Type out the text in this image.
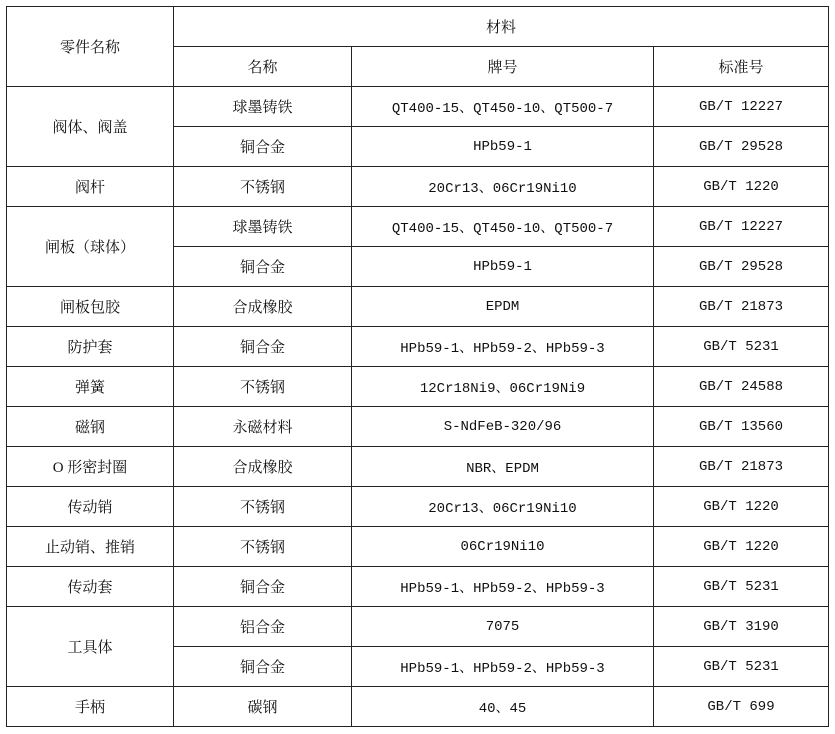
零件名称	材料		
	名称	牌号	标准号
阀体、阀盖	球墨铸铁	QT400-15、QT450-10、QT500-7	GB/T 12227
	铜合金	HPb59-1	GB/T 29528
阀杆	不锈钢	20Cr13、06Cr19Ni10	GB/T 1220
闸板（球体）	球墨铸铁	QT400-15、QT450-10、QT500-7	GB/T 12227
	铜合金	HPb59-1	GB/T 29528
闸板包胶	合成橡胶	EPDM	GB/T 21873
防护套	铜合金	HPb59-1、HPb59-2、HPb59-3	GB/T 5231
弹簧	不锈钢	12Cr18Ni9、06Cr19Ni9	GB/T 24588
磁钢	永磁材料	S-NdFeB-320/96	GB/T 13560
O 形密封圈	合成橡胶	NBR、EPDM	GB/T 21873
传动销	不锈钢	20Cr13、06Cr19Ni10	GB/T 1220
止动销、推销	不锈钢	06Cr19Ni10	GB/T 1220
传动套	铜合金	HPb59-1、HPb59-2、HPb59-3	GB/T 5231
工具体	铝合金	7075	GB/T 3190
	铜合金	HPb59-1、HPb59-2、HPb59-3	GB/T 5231
手柄	碳钢	40、45	GB/T 699
